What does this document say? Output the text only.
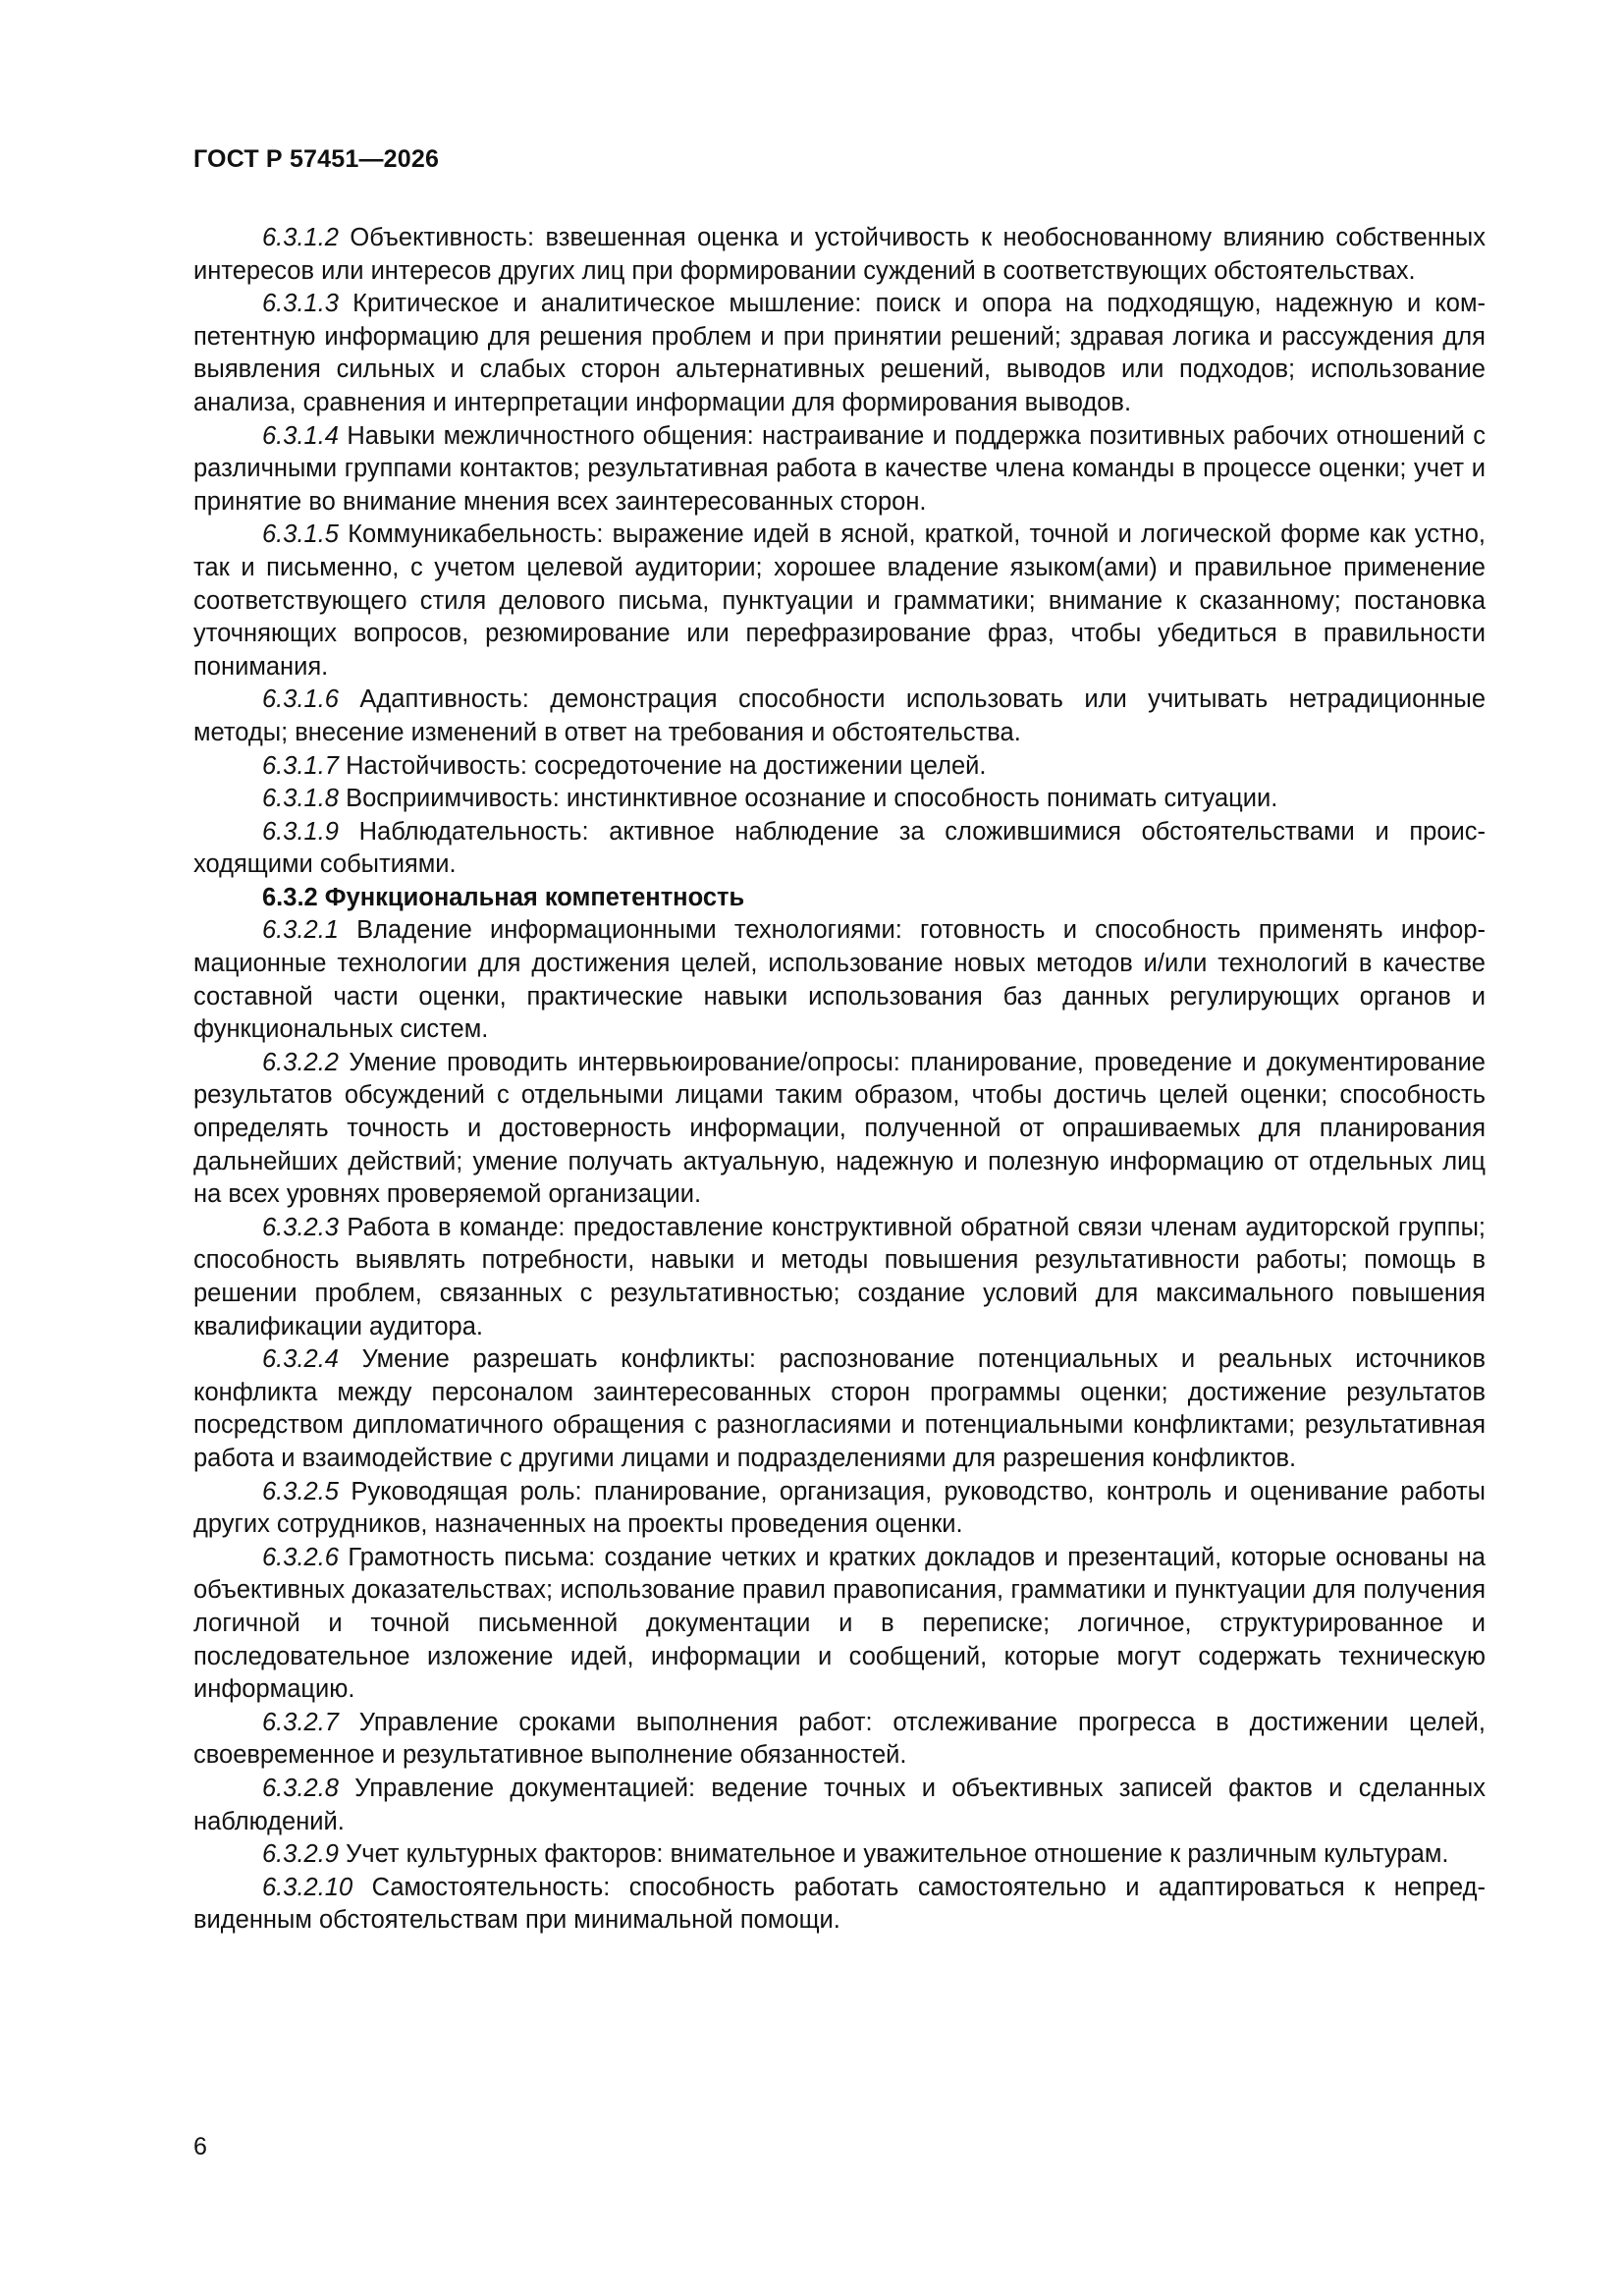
ГОСТ Р 57451—2026

6.3.1.2 Объективность: взвешенная оценка и устойчивость к необоснованному влиянию собственных интересов или интересов других лиц при формировании суждений в соответствующих обстоятельствах.

6.3.1.3 Критическое и аналитическое мышление: поиск и опора на подходящую, надежную и компетентную информацию для решения проблем и при принятии решений; здравая логика и рассуждения для выявления сильных и слабых сторон альтернативных решений, выводов или подходов; использование анализа, сравнения и интерпретации информации для формирования выводов.

6.3.1.4 Навыки межличностного общения: настраивание и поддержка позитивных рабочих отношений с различными группами контактов; результативная работа в качестве члена команды в процессе оценки; учет и принятие во внимание мнения всех заинтересованных сторон.

6.3.1.5 Коммуникабельность: выражение идей в ясной, краткой, точной и логической форме как устно, так и письменно, с учетом целевой аудитории; хорошее владение языком(ами) и правильное применение соответствующего стиля делового письма, пунктуации и грамматики; внимание к сказанному; постановка уточняющих вопросов, резюмирование или перефразирование фраз, чтобы убедиться в правильности понимания.

6.3.1.6 Адаптивность: демонстрация способности использовать или учитывать нетрадиционные методы; внесение изменений в ответ на требования и обстоятельства.

6.3.1.7 Настойчивость: сосредоточение на достижении целей.

6.3.1.8 Восприимчивость: инстинктивное осознание и способность понимать ситуации.

6.3.1.9 Наблюдательность: активное наблюдение за сложившимися обстоятельствами и происходящими событиями.

6.3.2 Функциональная компетентность

6.3.2.1 Владение информационными технологиями: готовность и способность применять информационные технологии для достижения целей, использование новых методов и/или технологий в качестве составной части оценки, практические навыки использования баз данных регулирующих органов и функциональных систем.

6.3.2.2 Умение проводить интервьюирование/опросы: планирование, проведение и документирование результатов обсуждений с отдельными лицами таким образом, чтобы достичь целей оценки; способность определять точность и достоверность информации, полученной от опрашиваемых для планирования дальнейших действий; умение получать актуальную, надежную и полезную информацию от отдельных лиц на всех уровнях проверяемой организации.

6.3.2.3 Работа в команде: предоставление конструктивной обратной связи членам аудиторской группы; способность выявлять потребности, навыки и методы повышения результативности работы; помощь в решении проблем, связанных с результативностью; создание условий для максимального повышения квалификации аудитора.

6.3.2.4 Умение разрешать конфликты: распознование потенциальных и реальных источников конфликта между персоналом заинтересованных сторон программы оценки; достижение результатов посредством дипломатичного обращения с разногласиями и потенциальными конфликтами; результативная работа и взаимодействие с другими лицами и подразделениями для разрешения конфликтов.

6.3.2.5 Руководящая роль: планирование, организация, руководство, контроль и оценивание работы других сотрудников, назначенных на проекты проведения оценки.

6.3.2.6 Грамотность письма: создание четких и кратких докладов и презентаций, которые основаны на объективных доказательствах; использование правил правописания, грамматики и пунктуации для получения логичной и точной письменной документации и в переписке; логичное, структурированное и последовательное изложение идей, информации и сообщений, которые могут содержать техническую информацию.

6.3.2.7 Управление сроками выполнения работ: отслеживание прогресса в достижении целей, своевременное и результативное выполнение обязанностей.

6.3.2.8 Управление документацией: ведение точных и объективных записей фактов и сделанных наблюдений.

6.3.2.9 Учет культурных факторов: внимательное и уважительное отношение к различным культурам.

6.3.2.10 Самостоятельность: способность работать самостоятельно и адаптироваться к непредвиденным обстоятельствам при минимальной помощи.

6
